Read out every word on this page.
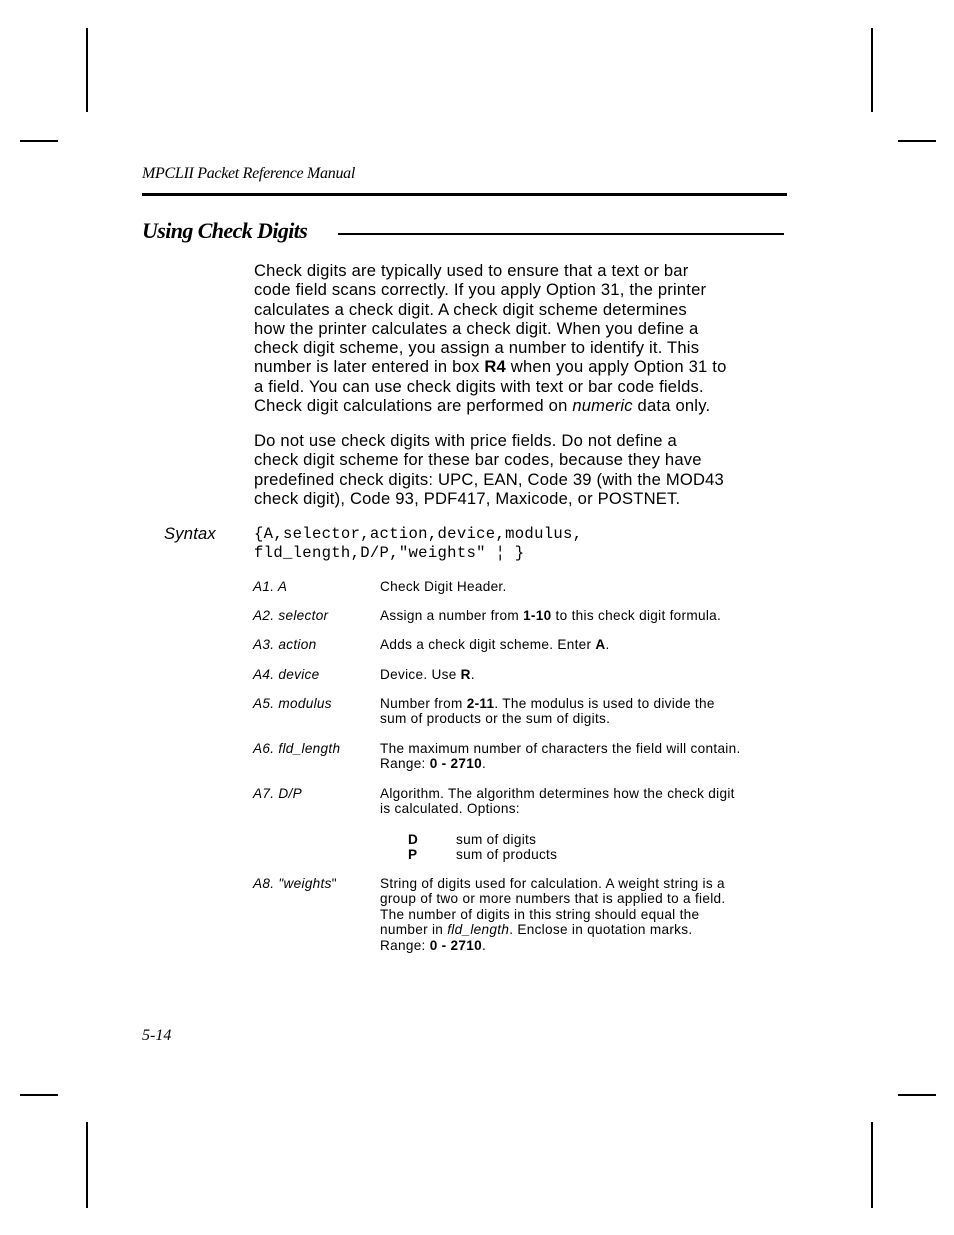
MPCLII Packet Reference Manual
Using Check Digits
Check digits are typically used to ensure that a text or bar
code field scans correctly. If you apply Option 31, the printer
calculates a check digit. A check digit scheme determines
how the printer calculates a check digit. When you define a
check digit scheme, you assign a number to identify it. This
number is later entered in box R4 when you apply Option 31 to
a field. You can use check digits with text or bar code fields.
Check digit calculations are performed on numeric data only.
Do not use check digits with price fields. Do not define a
check digit scheme for these bar codes, because they have
predefined check digits: UPC, EAN, Code 39 (with the MOD43
check digit), Code 93, PDF417, Maxicode, or POSTNET.
Syntax {A,selector,action,device,modulus,
fld_length,D/P,"weights" ¦ }
A1. A	Check Digit Header.
A2. selector	Assign a number from 1-10 to this check digit formula.
A3. action	Adds a check digit scheme. Enter A.
A4. device	Device. Use R.
A5. modulus	Number from 2-11. The modulus is used to divide the
sum of products or the sum of digits.
A6. fld_length	The maximum number of characters the field will contain.
Range: 0 - 2710.
A7. D/P	Algorithm. The algorithm determines how the check digit
is calculated. Options:
D	sum of digits
P	sum of products
A8. "weights"	String of digits used for calculation. A weight string is a
group of two or more numbers that is applied to a field.
The number of digits in this string should equal the
number in fld_length. Enclose in quotation marks.
Range: 0 - 2710.
5-14
